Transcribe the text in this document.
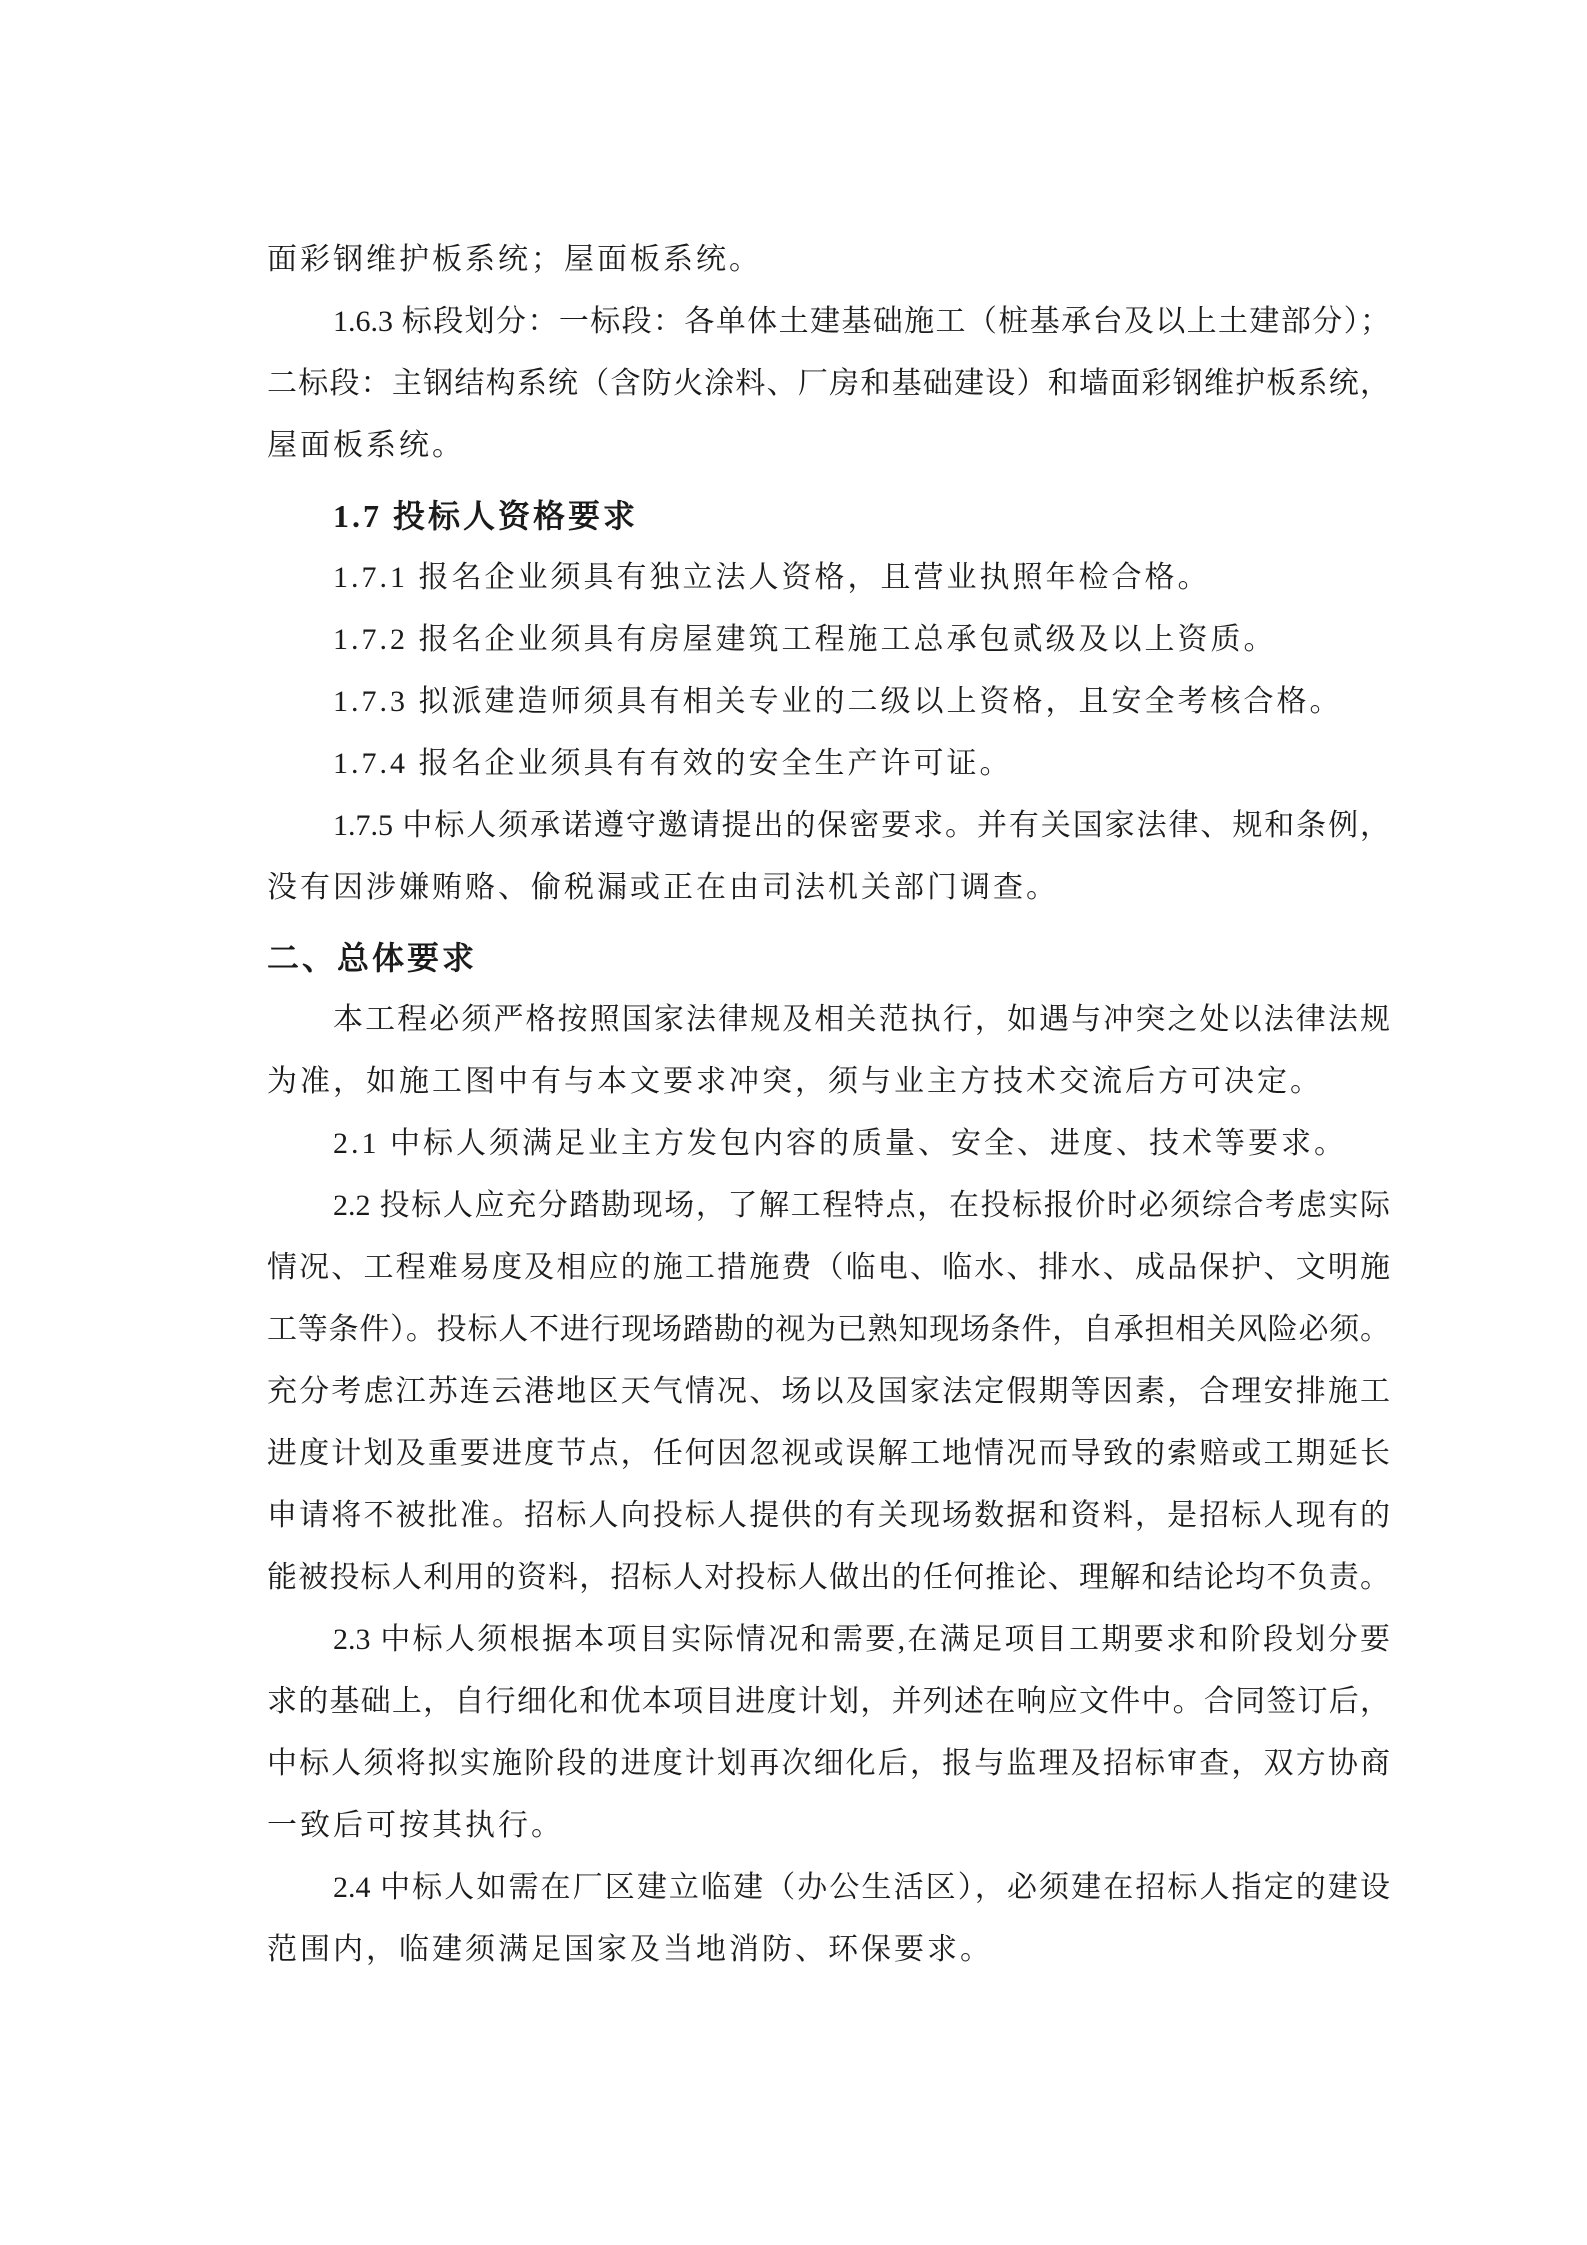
面彩钢维护板系统；屋面板系统。
1.6.3 标段划分：一标段：各单体土建基础施工（桩基承台及以上土建部分）；
二标段：主钢结构系统（含防火涂料、厂房和基础建设）和墙面彩钢维护板系统，
屋面板系统。
1.7 投标人资格要求
1.7.1 报名企业须具有独立法人资格，且营业执照年检合格。
1.7.2 报名企业须具有房屋建筑工程施工总承包贰级及以上资质。
1.7.3 拟派建造师须具有相关专业的二级以上资格，且安全考核合格。
1.7.4 报名企业须具有有效的安全生产许可证。
1.7.5 中标人须承诺遵守邀请提出的保密要求。并有关国家法律、规和条例，
没有因涉嫌贿赂、偷税漏或正在由司法机关部门调查。
二、总体要求
本工程必须严格按照国家法律规及相关范执行，如遇与冲突之处以法律法规
为准，如施工图中有与本文要求冲突，须与业主方技术交流后方可决定。
2.1 中标人须满足业主方发包内容的质量、安全、进度、技术等要求。
2.2 投标人应充分踏勘现场，了解工程特点，在投标报价时必须综合考虑实际
情况、工程难易度及相应的施工措施费（临电、临水、排水、成品保护、文明施
工等条件）。投标人不进行现场踏勘的视为已熟知现场条件，自承担相关风险必须。
充分考虑江苏连云港地区天气情况、场以及国家法定假期等因素，合理安排施工
进度计划及重要进度节点，任何因忽视或误解工地情况而导致的索赔或工期延长
申请将不被批准。招标人向投标人提供的有关现场数据和资料，是招标人现有的
能被投标人利用的资料，招标人对投标人做出的任何推论、理解和结论均不负责。
2.3 中标人须根据本项目实际情况和需要,在满足项目工期要求和阶段划分要
求的基础上，自行细化和优本项目进度计划，并列述在响应文件中。合同签订后，
中标人须将拟实施阶段的进度计划再次细化后，报与监理及招标审查，双方协商
一致后可按其执行。
2.4 中标人如需在厂区建立临建（办公生活区），必须建在招标人指定的建设
范围内，临建须满足国家及当地消防、环保要求。
